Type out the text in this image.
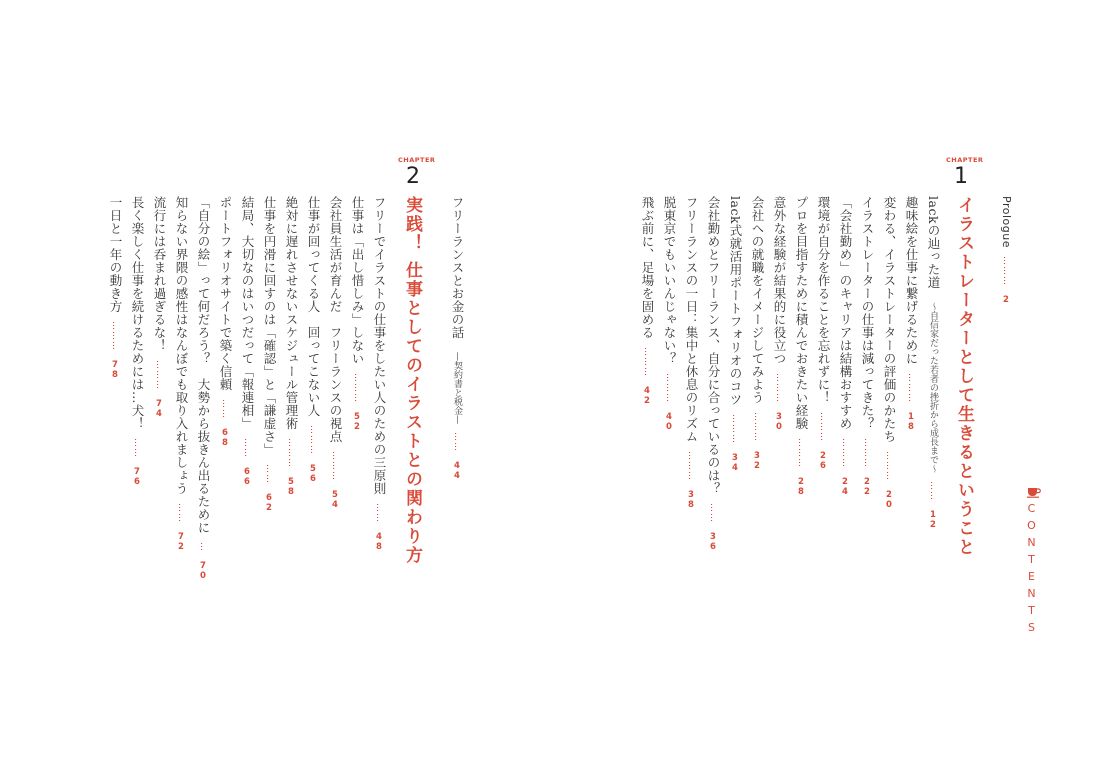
CONTENTS
Prologue ……… 2
CHAPTER
1
イラストレーターとして生きるということ
lackの辿った道 〜自信家だった若者の挫折から成長まで〜 …… 12
趣味絵を仕事に繋げるために ……… 18
変わる、イラストレーターの評価のかたち ……… 20
イラストレーターの仕事は減ってきた？ ……… 22
「会社勤め」のキャリアは結構おすすめ ……… 24
環境が自分を作ることを忘れずに！ ……… 26
プロを目指すために積んでおきたい経験 ……… 28
意外な経験が結果的に役立つ ……… 30
会社への就職をイメージしてみよう ……… 32
lack式就活用ポートフォリオのコツ ……… 34
会社勤めとフリーランス、自分に合っているのは？ …… 36
フリーランスの一日：集中と休息のリズム ……… 38
脱東京でもいいんじゃない？ ……… 40
飛ぶ前に、足場を固める ……… 42
CHAPTER
2
実践！ 仕事としてのイラストとの関わり方 フリーランスとお金の話 —契約書と税金— …… 44
フリーでイラストの仕事をしたい人のための三原則 …… 48
仕事は「出し惜しみ」しない ……… 52
会社員生活が育んだ　フリーランスの視点 ……… 54
仕事が回ってくる人　回ってこない人 ……… 56
絶対に遅れさせないスケジュール管理術 ……… 58
仕事を円滑に回すのは「確認」と「謙虚さ」 …… 62
結局、大切なのはいつだって「報連相」 …… 66
ポートフォリオサイトで築く信頼 …… 68
「自分の絵」って何だろう？　大勢から抜きん出るために … 70
知らない界隈の感性はなんぼでも取り入れましょう …… 72
流行には呑まれ過ぎるな！ ……… 74
長く楽しく仕事を続けるためには…犬！ …… 76
一日と一年の動き方 ……… 78
